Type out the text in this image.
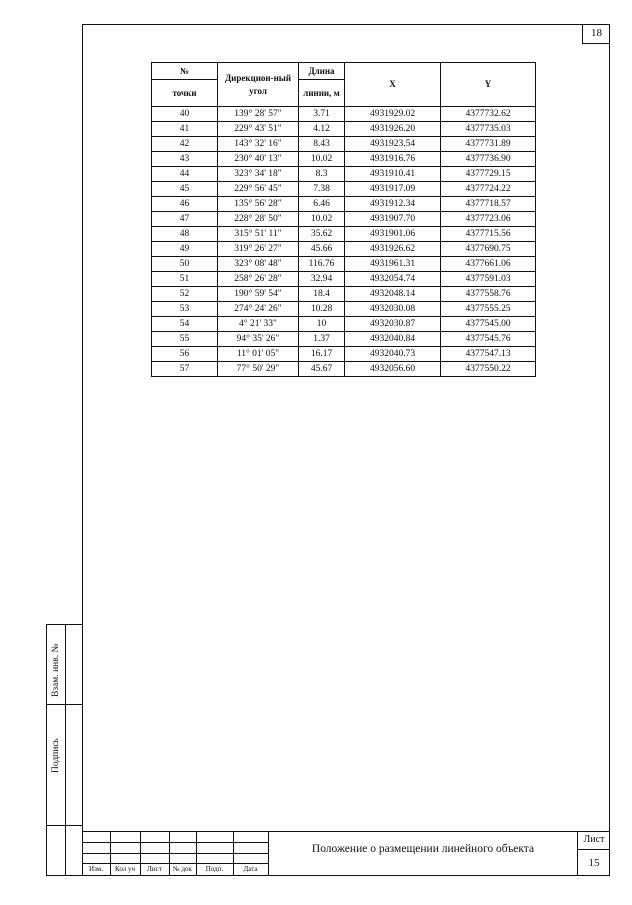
18
№	Дирекцион-ный угол	Длина	X	Y
точки		линии, м		
40	139° 28' 57"	3.71	4931929.02	4377732.62
41	229° 43' 51"	4.12	4931926.20	4377735.03
42	143° 32' 16"	8.43	4931923.54	4377731.89
43	230° 40' 13"	10.02	4931916.76	4377736.90
44	323° 34' 18"	8.3	4931910.41	4377729.15
45	229° 56' 45"	7.38	4931917.09	4377724.22
46	135° 56' 28"	6.46	4931912.34	4377718.57
47	228° 28' 50"	10.02	4931907.70	4377723.06
48	315° 51' 11"	35.62	4931901.06	4377715.56
49	319° 26' 27"	45.66	4931926.62	4377690.75
50	323° 08' 48"	116.76	4931961.31	4377661.06
51	258° 26' 28"	32.94	4932054.74	4377591.03
52	190° 59' 54"	18.4	4932048.14	4377558.76
53	274° 24' 26"	10.28	4932030.08	4377555.25
54	4° 21' 33"	10	4932030.87	4377545.00
55	94° 35' 26"	1.37	4932040.84	4377545.76
56	11° 01' 05"	16.17	4932040.73	4377547.13
57	77° 50' 29"	45.67	4932056.60	4377550.22
Взам. инв. №
Подпись
Изм.	Кол уч	Лист	№ док	Подп.	Дата
Положение о размещении линейного объекта
Лист
15
